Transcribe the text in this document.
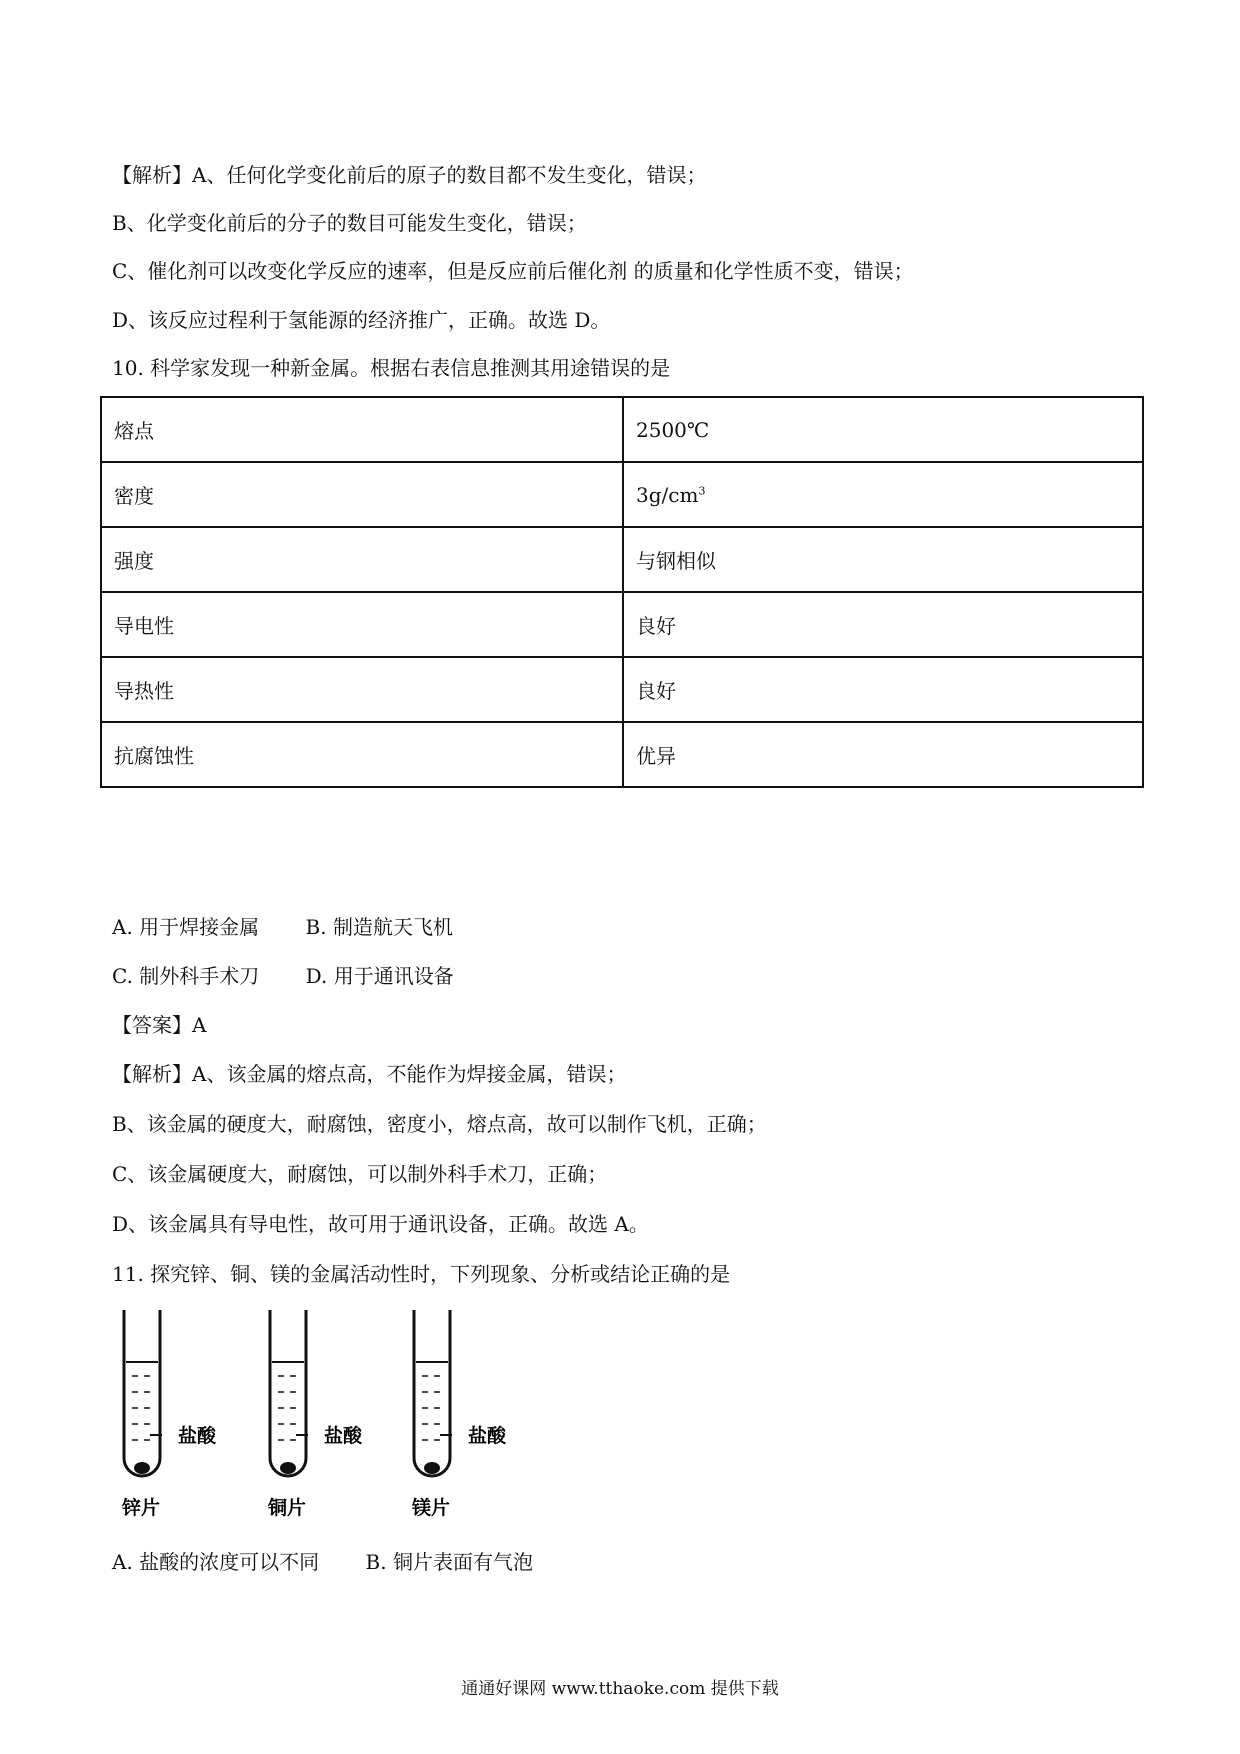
【解析】A、任何化学变化前后的原子的数目都不发生变化，错误；
B、化学变化前后的分子的数目可能发生变化，错误；
C、催化剂可以改变化学反应的速率，但是反应前后催化剂 的质量和化学性质不变，错误；
D、该反应过程利于氢能源的经济推广，正确。故选 D。
10. 科学家发现一种新金属。根据右表信息推测其用途错误的是
熔点	2500℃
密度	$3g/cm^3$
强度	与钢相似
导电性	良好
导热性	良好
抗腐蚀性	优异
A. 用于焊接金属 B. 制造航天飞机
C. 制外科手术刀 D. 用于通讯设备
【答案】A
【解析】A、该金属的熔点高，不能作为焊接金属，错误；
B、该金属的硬度大，耐腐蚀，密度小，熔点高，故可以制作飞机，正确；
C、该金属硬度大，耐腐蚀，可以制外科手术刀，正确；
D、该金属具有导电性，故可用于通讯设备，正确。故选 A。
11. 探究锌、铜、镁的金属活动性时，下列现象、分析或结论正确的是
盐酸
锌片
盐酸
铜片
盐酸
镁片
A. 盐酸的浓度可以不同 B. 铜片表面有气泡
通通好课网 www.tthaoke.com 提供下载
